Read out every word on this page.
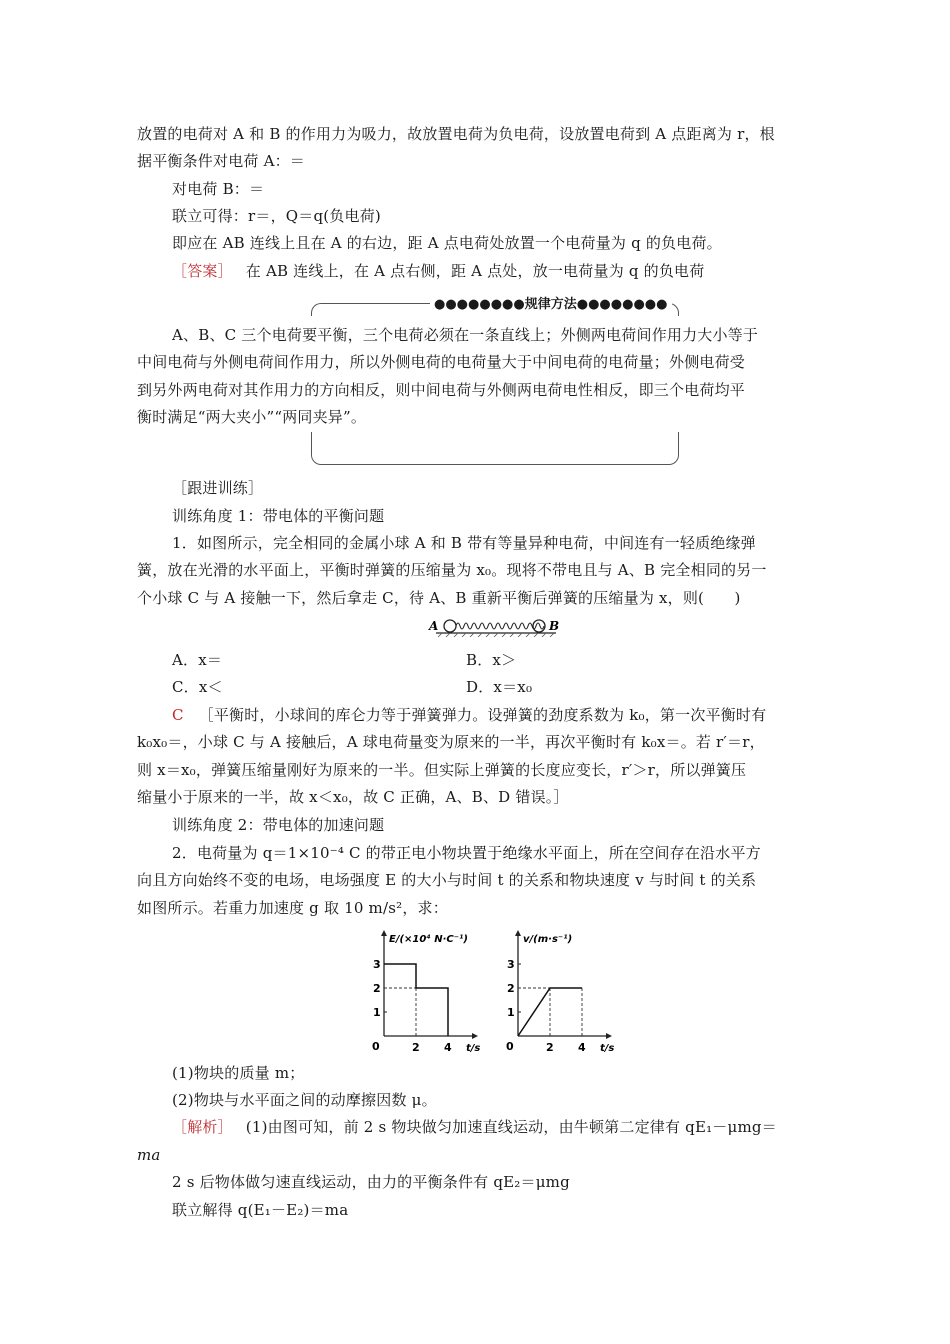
放置的电荷对 A 和 B 的作用力为吸力，故放置电荷为负电荷，设放置电荷到 A 点距离为 r，根
据平衡条件对电荷 A：＝
对电荷 B：＝
联立可得：r＝，Q＝q(负电荷)
即应在 AB 连线上且在 A 的右边，距 A 点电荷处放置一个电荷量为 q 的负电荷。
［答案］ 在 AB 连线上，在 A 点右侧，距 A 点处，放一电荷量为 q 的负电荷
●●●●●●●●规律方法●●●●●●●●
A、B、C 三个电荷要平衡，三个电荷必须在一条直线上；外侧两电荷间作用力大小等于
中间电荷与外侧电荷间作用力，所以外侧电荷的电荷量大于中间电荷的电荷量；外侧电荷受
到另外两电荷对其作用力的方向相反，则中间电荷与外侧两电荷电性相反，即三个电荷均平
衡时满足“两大夹小”“两同夹异”。
［跟进训练］
训练角度 1：带电体的平衡问题
1．如图所示，完全相同的金属小球 A 和 B 带有等量异种电荷，中间连有一轻质绝缘弹
簧，放在光滑的水平面上，平衡时弹簧的压缩量为 x₀。现将不带电且与 A、B 完全相同的另一
个小球 C 与 A 接触一下，然后拿走 C，待 A、B 重新平衡后弹簧的压缩量为 x，则(　　)
A	B
A．x＝	B．x＞
C．x＜	D．x＝x₀
C ［平衡时，小球间的库仑力等于弹簧弹力。设弹簧的劲度系数为 k₀，第一次平衡时有
k₀x₀＝，小球 C 与 A 接触后，A 球电荷量变为原来的一半，再次平衡时有 k₀x＝。若 r′＝r，
则 x＝x₀，弹簧压缩量刚好为原来的一半。但实际上弹簧的长度应变长，r′＞r，所以弹簧压
缩量小于原来的一半，故 x＜x₀，故 C 正确，A、B、D 错误。］
训练角度 2：带电体的加速问题
2．电荷量为 q＝1×10⁻⁴ C 的带正电小物块置于绝缘水平面上，所在空间存在沿水平方
向且方向始终不变的电场，电场强度 E 的大小与时间 t 的关系和物块速度 v 与时间 t 的关系
如图所示。若重力加速度 g 取 10 m/s²，求：
E/(×10⁴ N·C⁻¹)
t/s
0
1
2
3
2 4
v/(m·s⁻¹)
t/s
0
1
2
3
2 4
(1)物块的质量 m；
(2)物块与水平面之间的动摩擦因数 μ。
［解析］ (1)由图可知，前 2 s 物块做匀加速直线运动，由牛顿第二定律有 qE₁－μmg＝
ma
2 s 后物体做匀速直线运动，由力的平衡条件有 qE₂＝μmg
联立解得 q(E₁－E₂)＝ma
